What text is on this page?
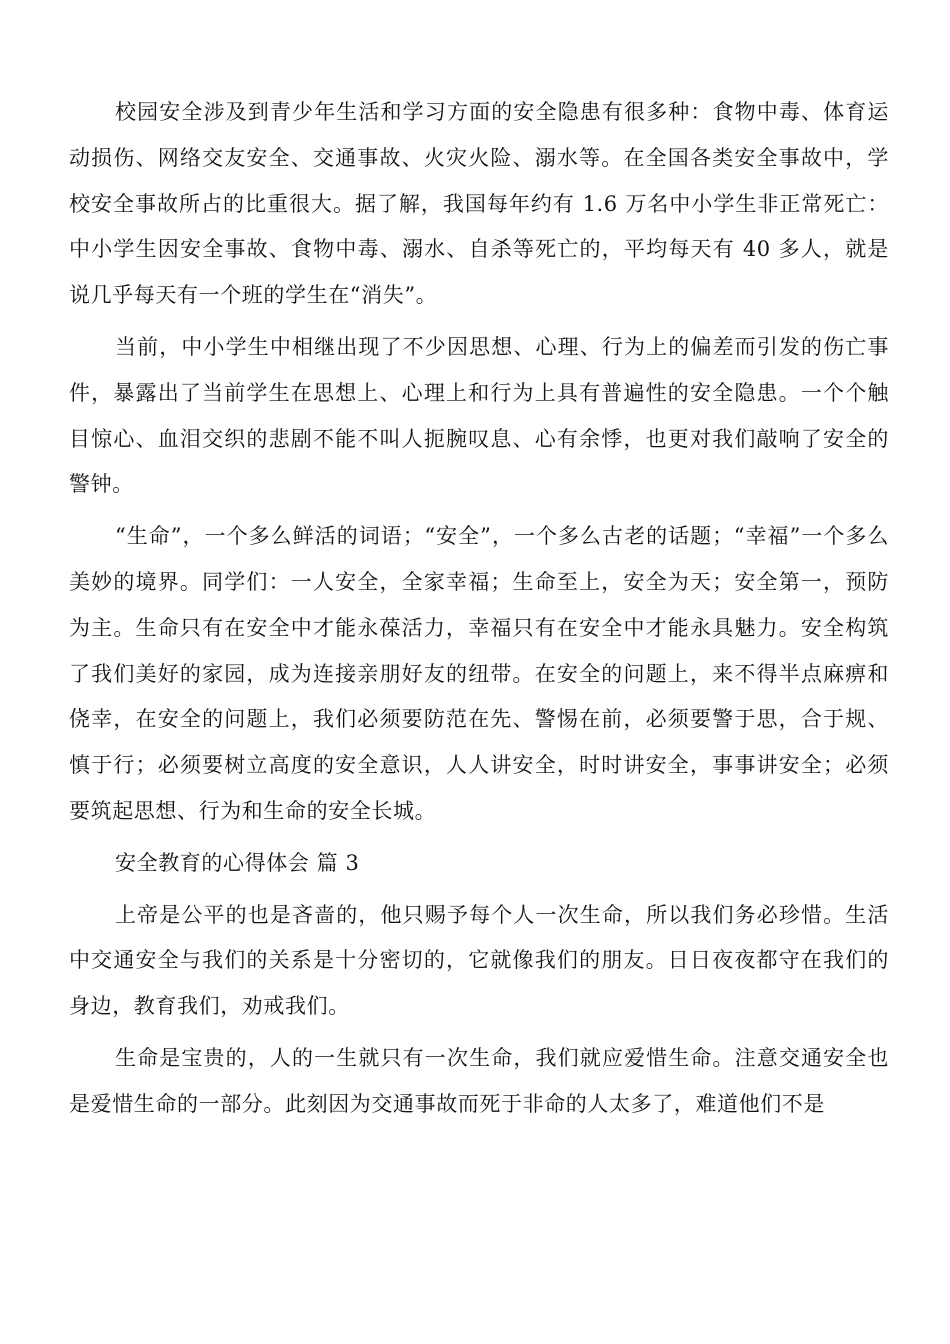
校园安全涉及到青少年生活和学习方面的安全隐患有很多种：食物中毒、体育运动损伤、网络交友安全、交通事故、火灾火险、溺水等。在全国各类安全事故中，学校安全事故所占的比重很大。据了解，我国每年约有 1.6 万名中小学生非正常死亡：中小学生因安全事故、食物中毒、溺水、自杀等死亡的，平均每天有 40 多人，就是说几乎每天有一个班的学生在“消失”。

当前，中小学生中相继出现了不少因思想、心理、行为上的偏差而引发的伤亡事件，暴露出了当前学生在思想上、心理上和行为上具有普遍性的安全隐患。一个个触目惊心、血泪交织的悲剧不能不叫人扼腕叹息、心有余悸，也更对我们敲响了安全的警钟。

“生命”，一个多么鲜活的词语；“安全”，一个多么古老的话题；“幸福”一个多么美妙的境界。同学们：一人安全，全家幸福；生命至上，安全为天；安全第一，预防为主。生命只有在安全中才能永葆活力，幸福只有在安全中才能永具魅力。安全构筑了我们美好的家园，成为连接亲朋好友的纽带。在安全的问题上，来不得半点麻痹和侥幸，在安全的问题上，我们必须要防范在先、警惕在前，必须要警于思，合于规、慎于行；必须要树立高度的安全意识，人人讲安全，时时讲安全，事事讲安全；必须要筑起思想、行为和生命的安全长城。

安全教育的心得体会 篇 3

上帝是公平的也是吝啬的，他只赐予每个人一次生命，所以我们务必珍惜。生活中交通安全与我们的关系是十分密切的，它就像我们的朋友。日日夜夜都守在我们的身边，教育我们，劝戒我们。

生命是宝贵的，人的一生就只有一次生命，我们就应爱惜生命。注意交通安全也是爱惜生命的一部分。此刻因为交通事故而死于非命的人太多了，难道他们不是
